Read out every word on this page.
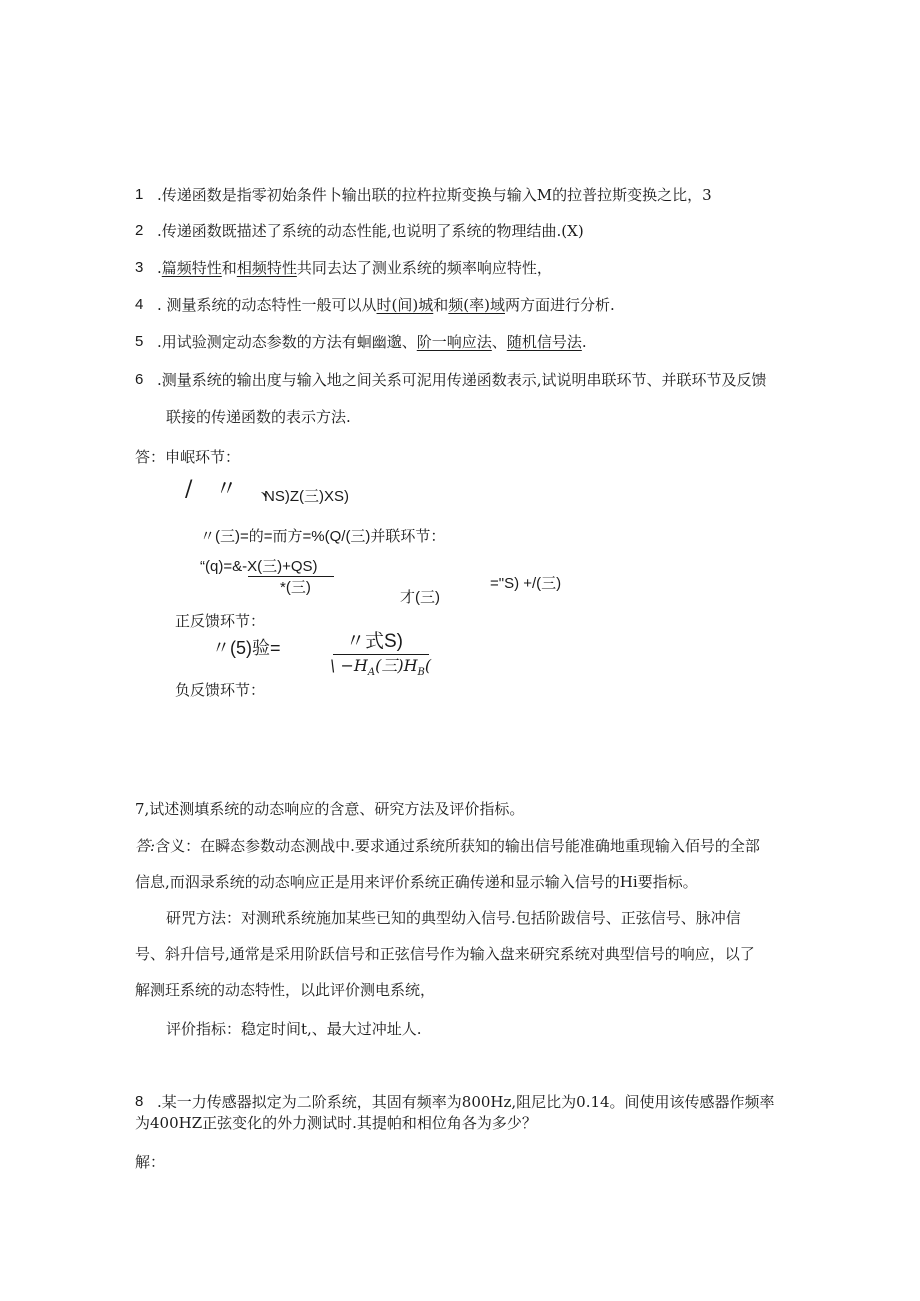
1 .传递函数是指零初始条件卜输出联的拉杵拉斯变换与输入M的拉普拉斯变换之比，3
2 .传递函数既描述了系统的动态性能,也说明了系统的物理结曲.(X)
3 .篇频特性和相频特性共同去达了测业系统的频率响应特性，
4 . 测量系统的动态特性一般可以从时(间)城和频(率)域两方面进行分析.
5 .用试验测定动态参数的方法有蛔幽邈、阶一响应法、随机信号法.
6 .测量系统的输出度与输入地之间关系可泥用传递函数表示,试说明串联环节、并联环节及反馈
联接的传递函数的表示方法.
答：申岷环节：
/ 〃 、
NS)Z(三)XS)
〃(三)=的=而方=%(Q/(三)并联环节：
“(q)=&-X(三)+QS)
*(三)
才(三)
="S) +/(三)
正反馈环节：
〃(5)验=	〃式S)
\ $-H_A$(三)$H_B$(
负反馈环节：
7,试述测填系统的动态响应的含意、研究方法及评价指标。
答:含义：在瞬态参数动态测战中.要求通过系统所获知的输出信号能准确地重现输入佰号的全部
信息,而泅录系统的动态响应正是用来评价系统正确传递和显示输入信号的Hi要指标。
研咒方法：对测玳系统施加某些已知的典型幼入信号.包括阶跋信号、正弦信号、脉冲信
号、斜升信号,通常是采用阶跃信号和正弦信号作为输入盘来研究系统对典型信号的响应，以了
解测玨系统的动态特性，以此评价测电系统，
评价指标：稳定时间t,、最大过冲址人.
8 .某一力传感器拟定为二阶系统，其固有频率为800Hz,阻尼比为0.14。间使用该传感器作频率
为400HZ正弦变化的外力测试时.其提帕和相位角各为多少？
解：
